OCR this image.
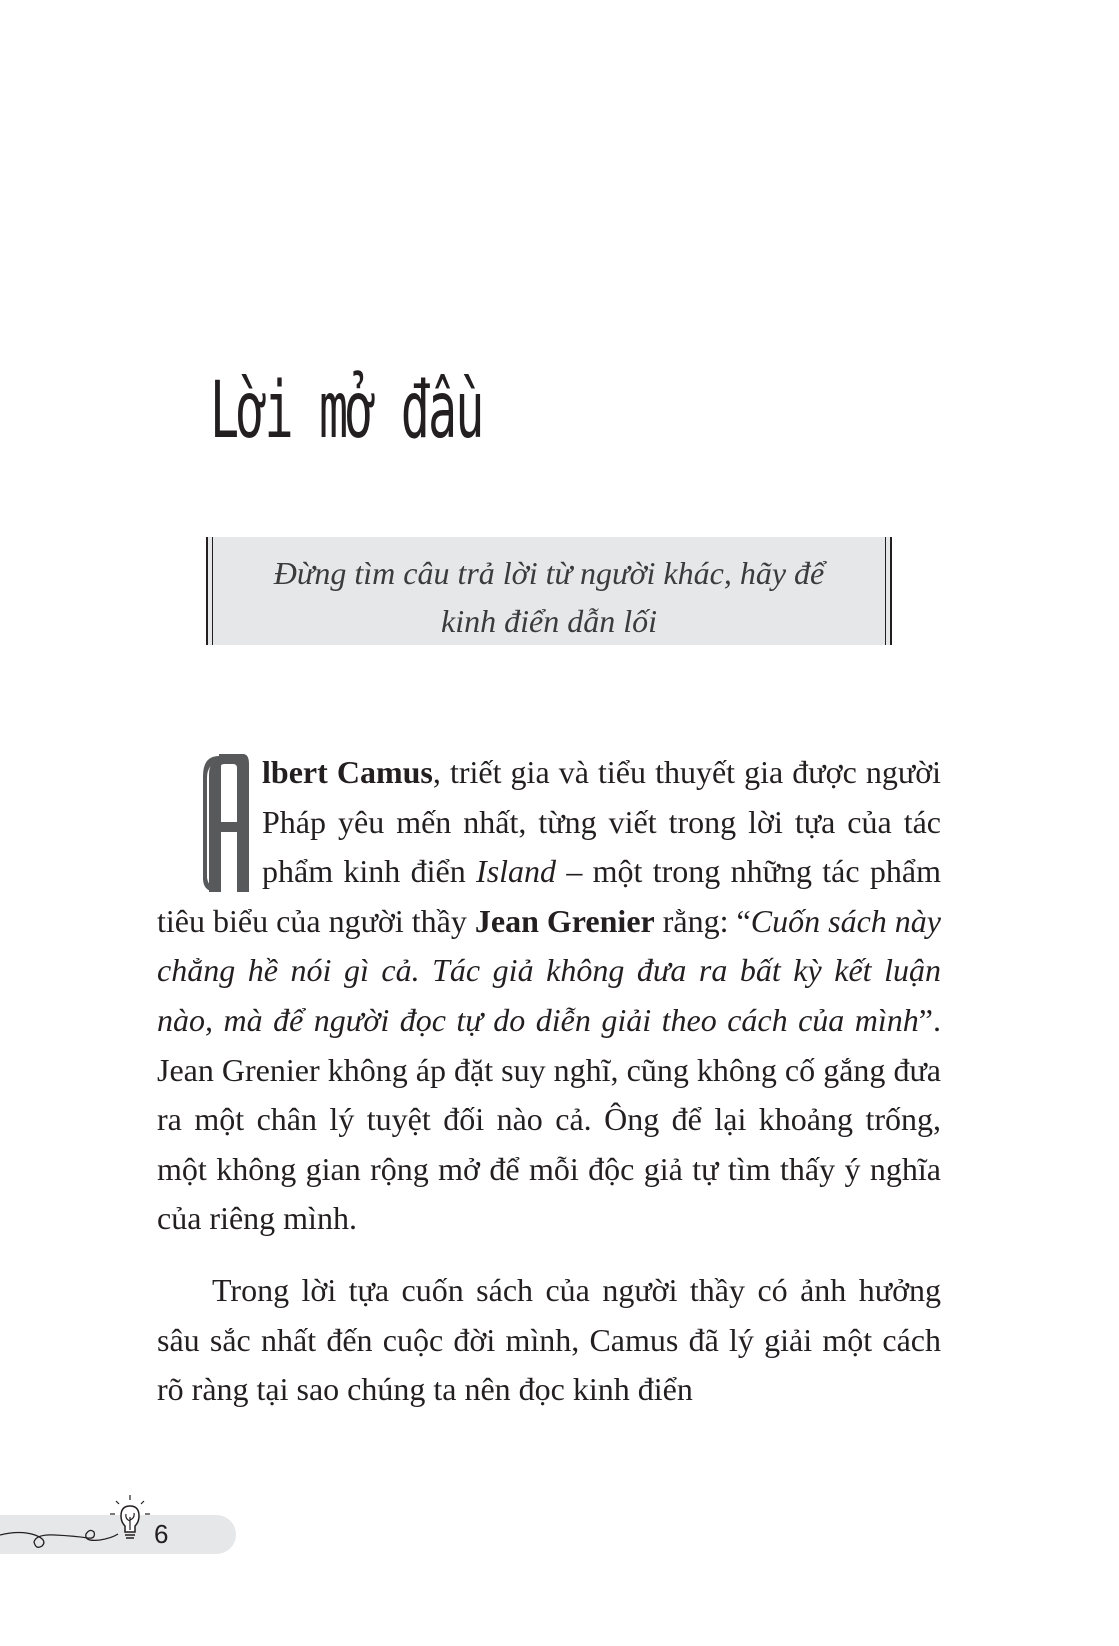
Lời mở đầu
Đừng tìm câu trả lời từ người khác, hãy để
kinh điển dẫn lối

lbert Camus, triết gia và tiểu thuyết gia được người Pháp yêu mến nhất, từng viết trong lời tựa của tác phẩm kinh điển Island – một trong những tác phẩm tiêu biểu của người thầy Jean Grenier rằng: “Cuốn sách này chẳng hề nói gì cả. Tác giả không đưa ra bất kỳ kết luận nào, mà để người đọc tự do diễn giải theo cách của mình”. Jean Grenier không áp đặt suy nghĩ, cũng không cố gắng đưa ra một chân lý tuyệt đối nào cả. Ông để lại khoảng trống, một không gian rộng mở để mỗi độc giả tự tìm thấy ý nghĩa của riêng mình.

Trong lời tựa cuốn sách của người thầy có ảnh hưởng sâu sắc nhất đến cuộc đời mình, Camus đã lý giải một cách rõ ràng tại sao chúng ta nên đọc kinh điển

6
